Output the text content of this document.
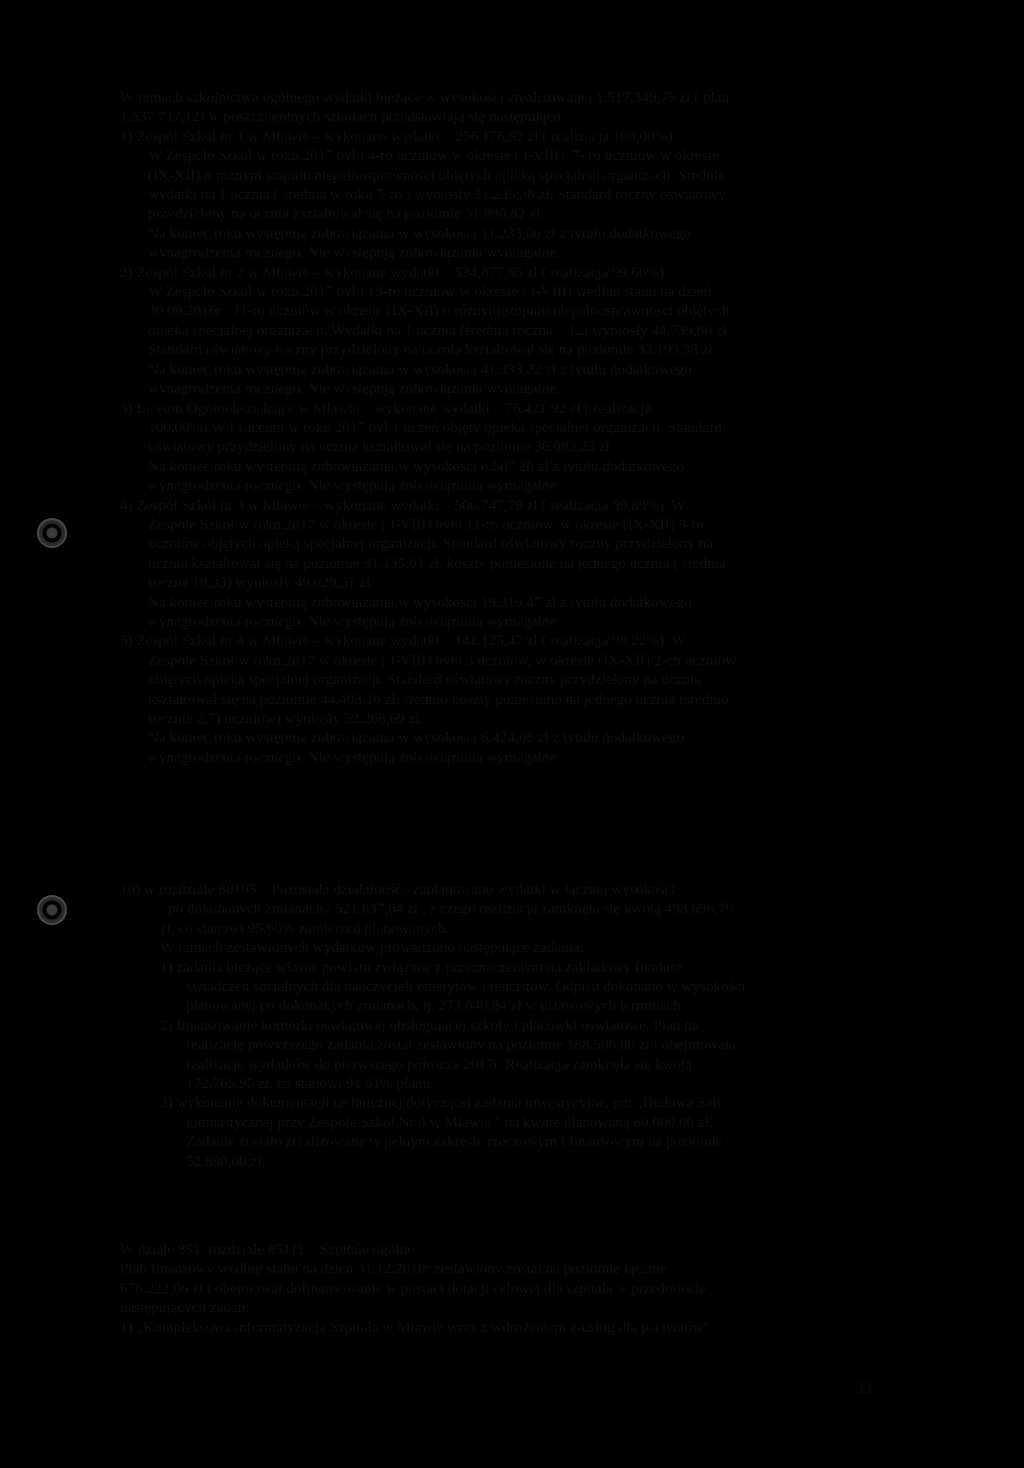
W ramach szkolnictwa ogólnego wydatki bieżące w wysokości zrealizowanej 1.517.349,75 zł ( plan
1.537.717,12) w poszczególnych szkołach przedstawiają się następująco:
1) Zespół Szkół nr 1 w Mławie – wykonano wydatki – 256.176,92 zł ( realizacja 100,00%).
W Zespole Szkół w roku 2017 było 4-ro uczniów w okresie ( I-VIII), 7- ro uczniów w okresie
(IX-XII) o różnym stopniu niepełnosprawności objętych opieką specjalnej organizacji. Średnie
wydatki na 1 ucznia ( średnia w roku 5-ro ) wyniosły 51.235,38 zł. Standard roczny oświatowy
przydzielony na ucznia kształtował się na poziomie 31.890,82 zł.
Na koniec roku występują zobowiązania w wysokości 11.233,00 zł z tytułu dodatkowego
wynagrodzenia rocznego. Nie występują zobowiązania wymagalne.
2) Zespół Szkół nr 2 w Mławie – wykonane wydatki – 534.877,65 zł ( realizacja 99,60%).
W Zespole Szkół w roku 2017 było 13-ro uczniów w okresie ( I-VIII) według stanu na dzień
30.09.2016r , 11-ro uczniów w okresie (IX-XII) o różnym stopniu niepełnosprawności objętych
opieką specjalnej organizacji. Wydatki na 1 ucznia (średnia roczna – 12) wyniosły 44.739,80 zł.
Standard oświatowy roczny przydzielony na ucznia kształtował się na poziomie 32.193,33 zł.
Na koniec roku występują zobowiązania w wysokości 41.333,22 zł z tytułu dodatkowego
wynagrodzenia rocznego. Nie występują zobowiązania wymagalne.
3) Liceum Ogólnokształcące w Mławie – wykonane wydatki – 76.421,92 zł ( realizacja
100,00%).W I Liceum w roku 2017 był 1 uczeń objęty opieką specjalnej organizacji. Standard
oświatowy przydzielony na ucznia kształtował się na poziomie 36.083,23 zł.
Na koniec roku występują zobowiązania w wysokości 6.507,20 zł z tytułu dodatkowego
wynagrodzenia rocznego. Nie występują zobowiązania wymagalne.
4) Zespół Szkół nr 3 w Mławie – wykonane wydatki – 506.747,79 zł ( realizacja 99,89%). W
Zespole Szkół w roku 2017 w okresie ( I-VIII) było 11-ro uczniów, w okresie (IX-XII) 9-ro
uczniów objętych opieką specjalnej organizacji. Standard oświatowy roczny przydzielony na
ucznia kształtował się na poziomie 31.135,01 zł, koszty poniesione na jednego ucznia ( średnia
roczna 10,33) wyniosły 49.029,51 zł.
Na koniec roku występują zobowiązania w wysokości 19.319,47 zł z tytułu dodatkowego
wynagrodzenia rocznego. Nie występują zobowiązania wymagalne.
5) Zespół Szkół nr 4 w Mławie – wykonane wydatki – 141.125,47 zł ( realizacja 98,22%). W
Zespole Szkół w roku 2017 w okresie ( I-VIII) było 3 uczniów, w okresie (IX-XII) 2-ch uczniów
objętych opieką specjalnej organizacji. Standard oświatowy roczny przydzielony na ucznia
kształtował się na poziomie 44.403,16 zł, średnio koszty poniesiono na jednego ucznia (średnio
rocznie 2,7) uczniów) wyniosły 52.268,69 zł.
Na koniec roku występują zobowiązania w wysokości 6.424,06 zł z tytułu dodatkowego
wynagrodzenia rocznego. Nie występują zobowiązania wymagalne.
10) w rozdziale 80195 – Pozostała działalność– zaplanowano wydatki w łącznej wysokości
/ po dokonanych zmianach / 521.637,64 zł , z czego realizacja zamknęła się kwotą 498.696,79
zł, co stanowi 95,60% zamierzeń planowanych.
W ramach zestawionych wydatków prowadzono następujące zadania:
1) zadania bieżące własne powiatu związane z przeznaczeniem na zakładowy fundusz
świadczeń socjalnych dla nauczycieli emerytów i rencistów. Odpisu dokonano w wysokości
planowanej po dokonanych zmianach, tj. 273.040,84 zł w ustawowych terminach.
2) finansowanie komórki oświatowej obsługującej szkoły i placówki oświatowe. Plan na
realizację powyższego zadania został zestawiony na poziomie 188.596,80 zł i obejmowała
realizację wydatków do pierwszego półrocza 2017r. Realizacja zamknęła się kwotą
172.765,95 zł, co stanowi 91,61% planu.
3) wykonanie dokumentacji technicznej dotyczącej zadania inwestycyjne, pn: „Budowa Sali
gimnastycznej przy Zespole Szkół Nr 4 w Mławie " na kwotę planowaną 60.000,00 zł.
Zadanie zostało zrealizowane w pełnym zakresie rzeczowym i finansowym na poziomie
52.890,00 zł.
W dziale 851, rozdziale 85111 – Szpitale ogólne
Plan finansowy według stanu na dzień 31.12.2018r zestawiony został na poziomie łącznie
678.222,06 zł i obejmował dofinansowanie w postaci dotacji celowej dla szpitala w przedmiocie
następujących zadań:
1) „Kompleksowa informatyzacja Szpitala w Mławie wraz z wdrożeniem e-usług dla pacjentów"
33
